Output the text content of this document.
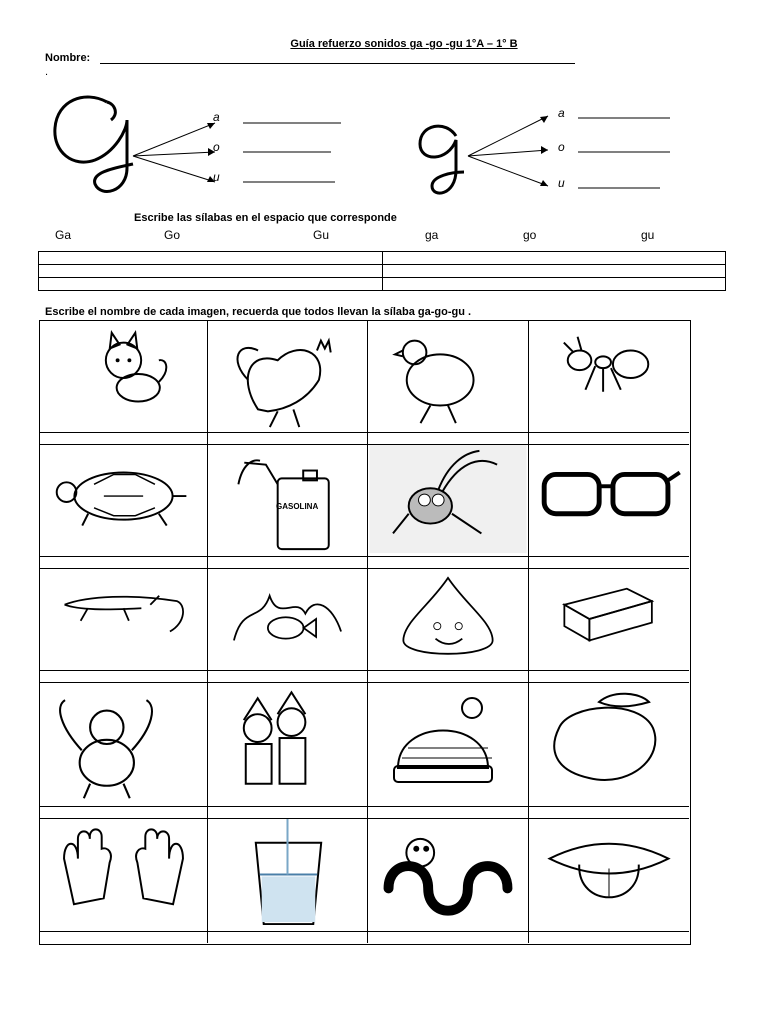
Guía refuerzo sonidos ga -go -gu 1°A – 1° B
Nombre:
.
a
o
u
a
o
u
Escribe las sílabas en el espacio que corresponde
Ga	Go	Gu	ga	go	gu

Escribe el nombre de cada imagen, recuerda que todos llevan la sílaba ga-go-gu .
GASOLINA
